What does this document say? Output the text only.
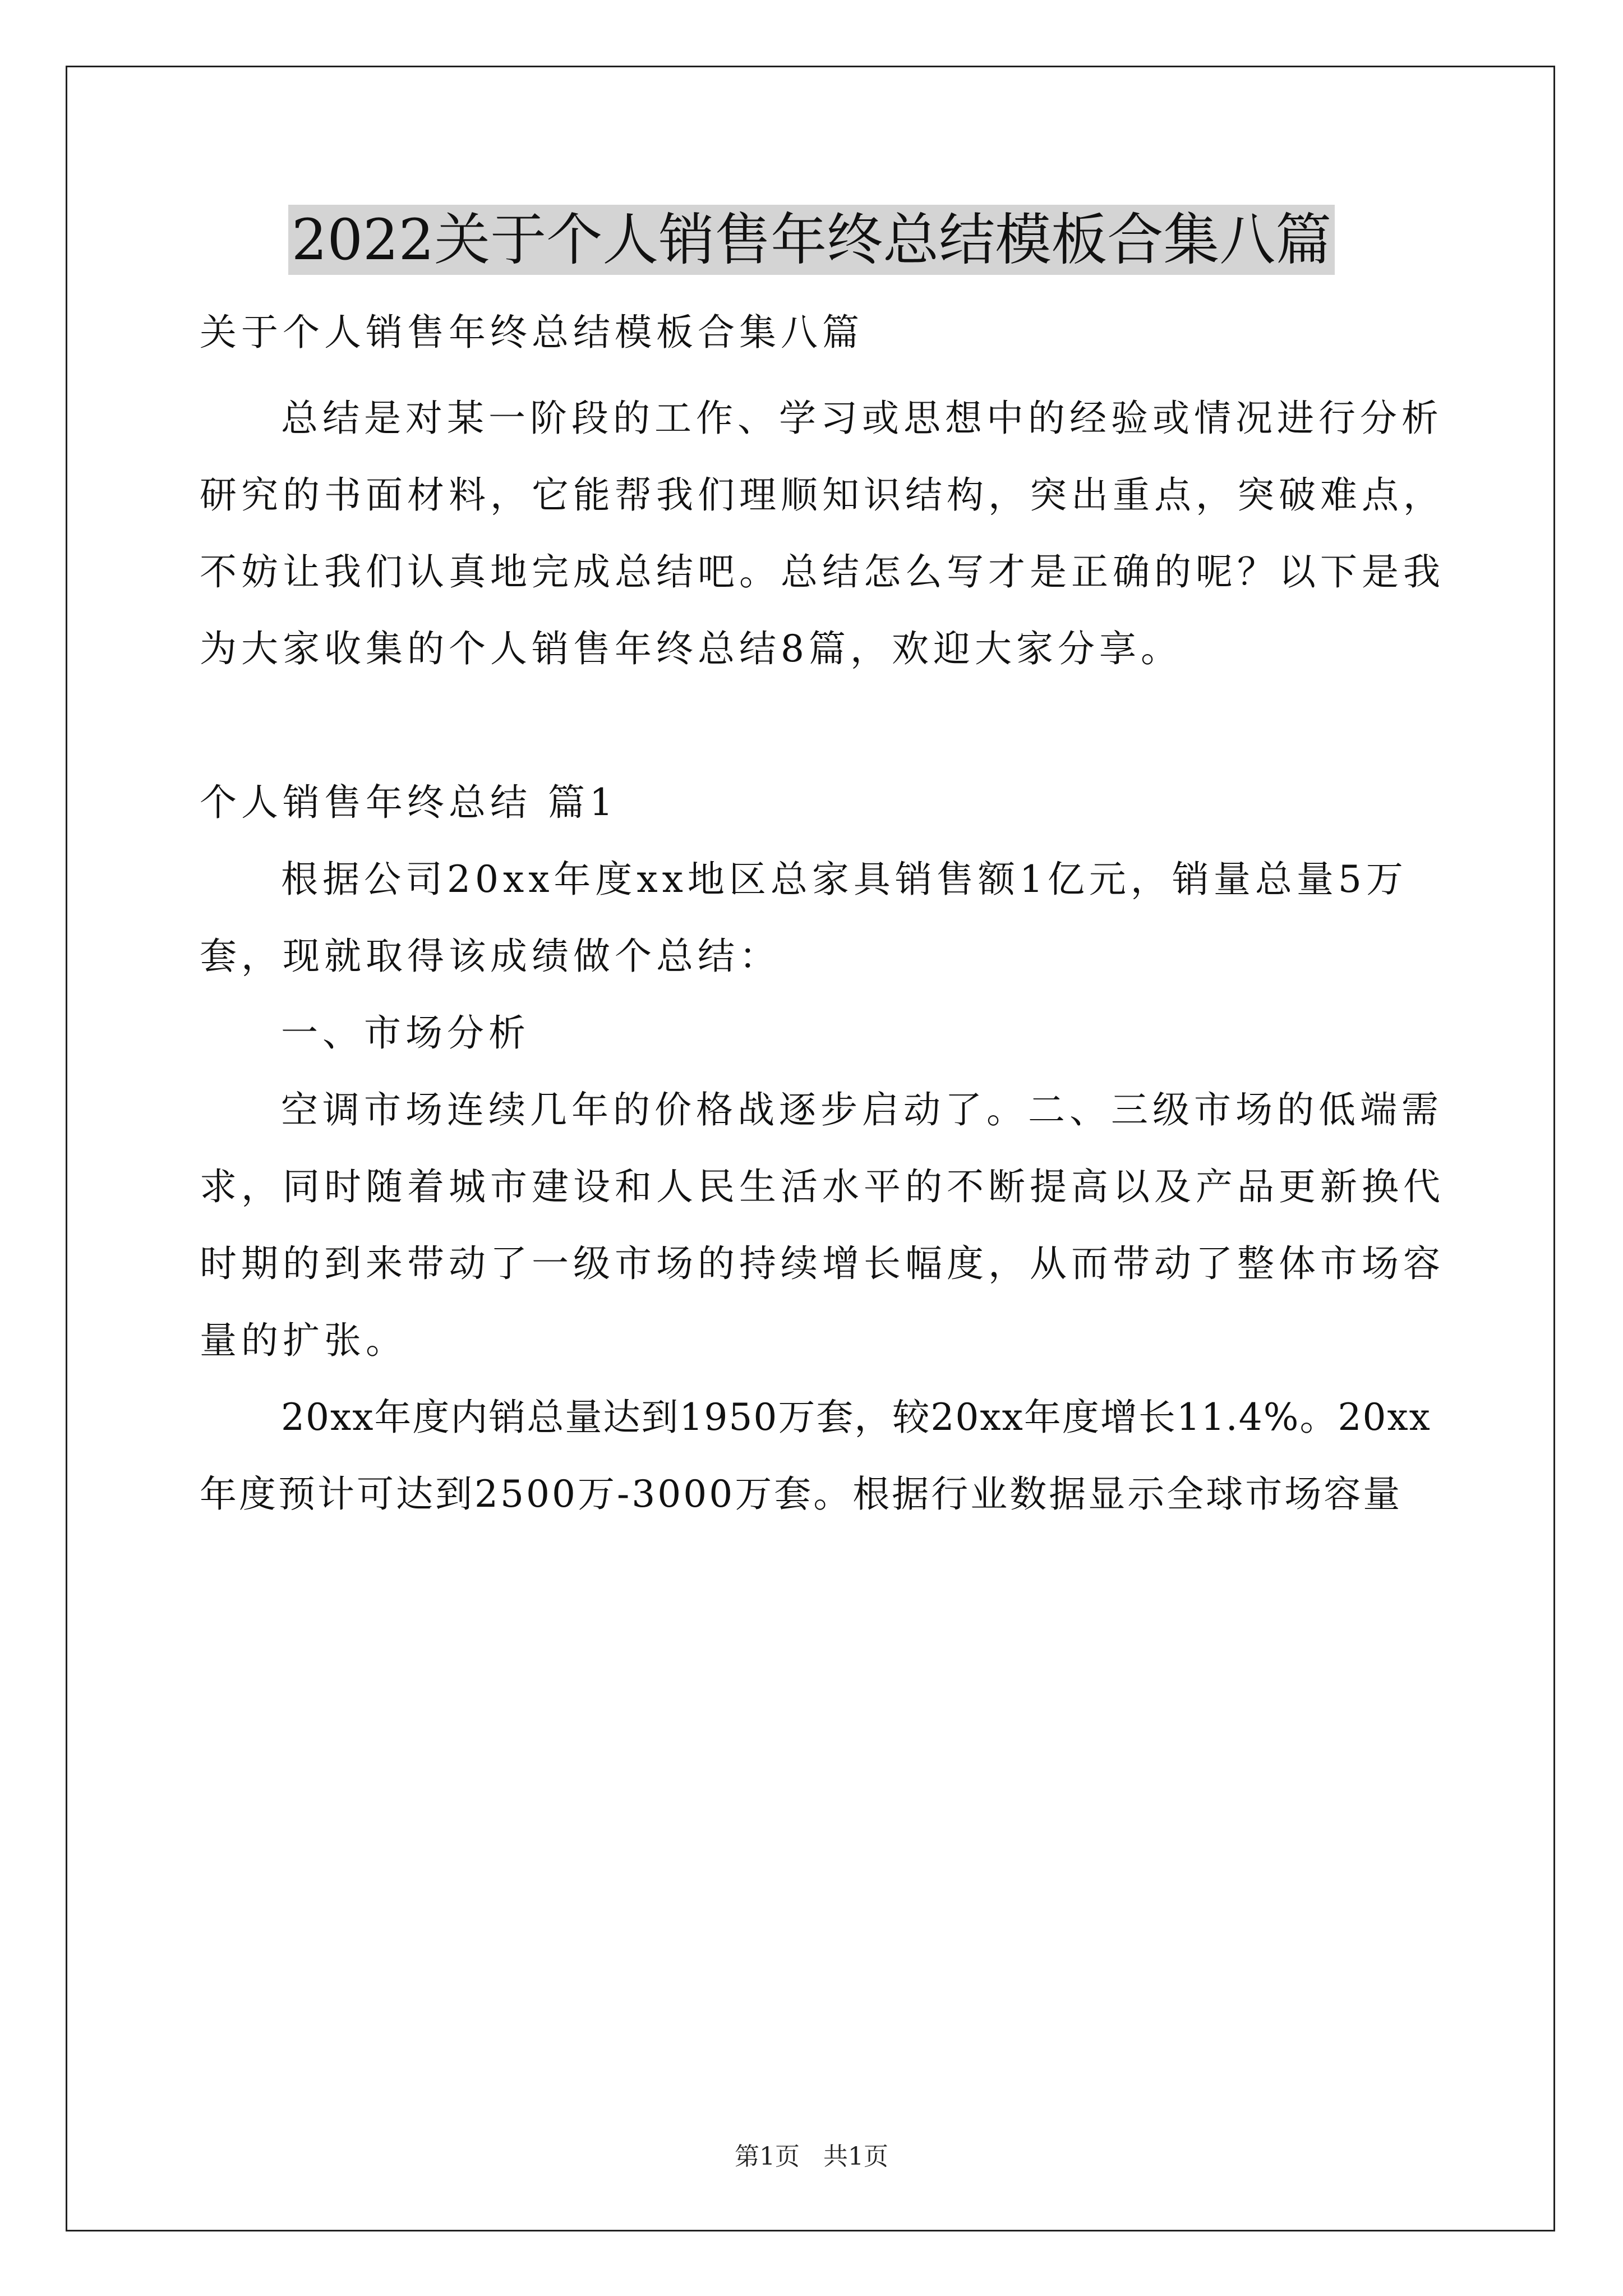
2022关于个人销售年终总结模板合集八篇
关于个人销售年终总结模板合集八篇
总结是对某一阶段的工作、学习或思想中的经验或情况进行分析
研究的书面材料，它能帮我们理顺知识结构，突出重点，突破难点，
不妨让我们认真地完成总结吧。总结怎么写才是正确的呢？以下是我
为大家收集的个人销售年终总结8篇，欢迎大家分享。
个人销售年终总结 篇1
根据公司20xx年度xx地区总家具销售额1亿元，销量总量5万
套，现就取得该成绩做个总结：
一、市场分析
空调市场连续几年的价格战逐步启动了。二、三级市场的低端需
求，同时随着城市建设和人民生活水平的不断提高以及产品更新换代
时期的到来带动了一级市场的持续增长幅度，从而带动了整体市场容
量的扩张。
20xx年度内销总量达到1950万套，较20xx年度增长11.4%。20xx
年度预计可达到2500万-3000万套。根据行业数据显示全球市场容量
第1页   共1页
